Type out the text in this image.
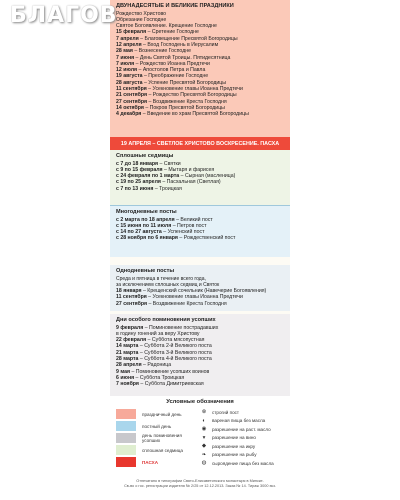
БЛАГОВ
ДВУНАДЕСЯТЫЕ И ВЕЛИКИЕ ПРАЗДНИКИ
Рождество Христово
Обрезание Господне
Святое Богоявление. Крещение Господне
15 февраля – Сретение Господне
7 апреля – Благовещение Пресвятой Богородицы
12 апреля – Вход Господень в Иерусалим
28 мая – Вознесение Господне
7 июня – День Святой Троицы. Пятидесятница
7 июля – Рождество Иоанна Предтечи
12 июля – Апостолов Петра и Павла
19 августа – Преображение Господне
28 августа – Успение Пресвятой Богородицы
11 сентября – Усекновение главы Иоанна Предтечи
21 сентября – Рождество Пресвятой Богородицы
27 сентября – Воздвижение Креста Господня
14 октября – Покров Пресвятой Богородицы
4 декабря – Введение во храм Пресвятой Богородицы
19 АПРЕЛЯ – СВЕТЛОЕ ХРИСТОВО ВОСКРЕСЕНИЕ. ПАСХА
Сплошные седмицы
с 7 до 18 января – Святки
с 9 по 15 февраля – Мытаря и фарисея
с 24 февраля по 1 марта – Сырная (масленица)
с 19 по 25 апреля – Пасхальная (Светлая)
с 7 по 13 июня – Троицкая
Многодневные посты
с 2 марта по 18 апреля – Великий пост
с 15 июня по 11 июля – Петров пост
с 14 по 27 августа – Успенский пост
с 28 ноября по 6 января – Рождественский пост
Однодневные посты
Среда и пятница в течение всего года,
за исключением сплошных седмиц и Святок
18 января – Крещенский сочельник (Навечерие Богоявления)
11 сентября – Усекновение главы Иоанна Предтечи
27 сентября – Воздвижение Креста Господня
Дни особого поминовения усопших
9 февраля – Поминовение пострадавших
в годину гонений за веру Христову
22 февраля – Суббота мясопустная
14 марта – Суббота 2-й Великого поста
21 марта – Суббота 3-й Великого поста
28 марта – Суббота 4-й Великого поста
28 апреля – Радоница
9 мая – Поминовение усопших воинов
6 июня – Суббота Троицкая
7 ноября – Суббота Димитриевская
Условные обозначения
праздничный день
постный день
день поминовения усопших
сплошная седмица
ПАСХА
⊗	строгий пост
◐	вареная пища без масла
◉	разрешение на раст. масло
▾	разрешение на вино
◆	разрешение на икру
❧	разрешение на рыбу
◍	сыроядение пища без масла
Отпечатано в типографии Свято-Елисаветинского монастыря в Минске.
Св-во о гос. регистрации издателя № 2/25 от 12.12.2013. Заказ № 14. Тираж 3000 экз.
